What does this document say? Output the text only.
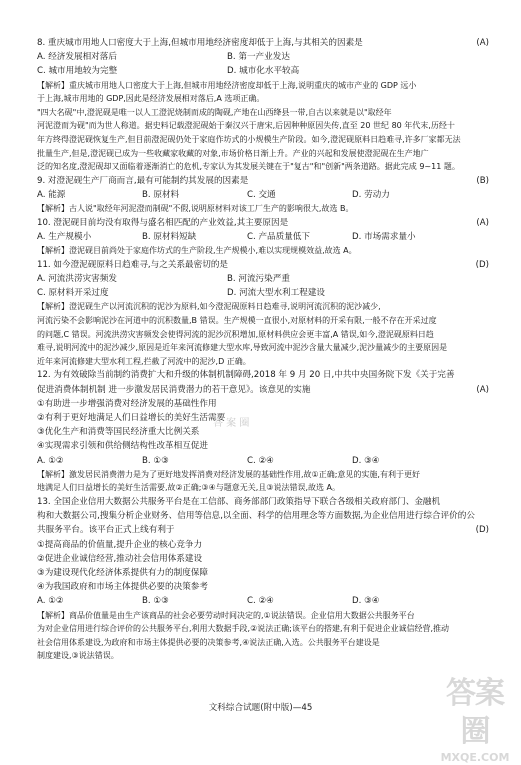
8. 重庆城市用地人口密度大于上海,但城市用地经济密度却低于上海,与其相关的因素是	(A)
A. 经济发展相对落后	B. 第一产业发达
C. 城市用地较为完整	D. 城市化水平较高
【解析】重庆城市用地人口密度大于上海,但城市用地经济密度却低于上海,说明重庆的城市产业的 GDP 远小
于上海,城市用地的 GDP,因此是经济发展相对落后,A 选项正确。
"四大名砚"中,澄泥砚是唯一以人工澄泥烧制而成的陶砚,产地在山西绛县一带,自古以来就是以"取经年
河泥澄而为砚"而为世人称道。据史料记载澄泥砚始于秦汉兴于唐宋,后因种种原因失传,直至 20 世纪 80 年代末,历经十
年方终得澄泥砚恢复生产,但目前澄泥砚仍处于家庭作坊式的小规模生产阶段。如今,澄泥砚原料日趋难寻,许多厂家都无法
批量生产,但是,澄泥砚已成为一些收藏家收藏的对象,市场价格日渐上升。产业的兴起和发展使澄泥砚在生产地广
泛的知名度,澄泥砚却又面临着逐渐消亡的危机,专家认为其发展关键在于"复古"和"创新"两条道路。据此完成 9~11 题。
9. 对澄泥砚生产厂商而言,最有可能制约其发展的因素是	(B)
A. 能源	B. 原材料	C. 交通	D. 劳动力
【解析】古人说"取经年河泥澄而制砚"不假,说明原材料对该工厂生产的影响很大,故选 B。
10. 澄泥砚目前均没有取得与盛名相匹配的产业效益,其主要原因是	(A)
A. 生产规模小	B. 原材料短缺	C. 产品质量低下	D. 市场需求量小
【解析】澄泥砚目前尚处于家庭作坊式的生产阶段,生产规模小,难以实现规模效益,故选 A。
11. 如今澄泥砚原料日趋难寻,与之关系最密切的是	(D)
A. 河流洪涝灾害频发	B. 河流污染严重
C. 原材料开采过度	D. 河流大型水利工程建设
【解析】澄泥砚生产以河流沉积的泥沙为原料,如今澄泥砚原料日趋难寻,说明河流沉积的泥沙减少,
河流污染不会影响泥沙在河道中的沉积数量,B 错误。生产规模一直很小,对原材料的开采有限,一般不存在开采过度
的问题,C 错误。河流洪涝灾害频发会使得河流的泥沙沉积增加,原材料供应会更丰富,A 错误,如今,澄泥砚原料日趋
难寻,说明河流中的泥沙减少,原因是近年来河流修建大型水库,导致河流中泥沙含量大量减少,泥沙量减少的主要原因是
近年来河流修建大型水利工程,拦截了河流中的泥沙,D 正确。
12. 为有效破除当前制约消费扩大和升级的体制机制障碍,2018 年 9 月 20 日,中共中央国务院下发《关于完善
促进消费体制机制 进一步激发居民消费潜力的若干意见》。该意见的实施	(A)
①有助进一步增强消费对经济发展的基础性作用
②有利于更好地满足人们日益增长的美好生活需要
③优化生产和消费等国民经济重大比例关系
④实现需求引领和供给侧结构性改革相互促进
A. ①②	B. ①③	C. ②④	D. ③④
【解析】激发居民消费潜力是为了更好地发挥消费对经济发展的基础性作用,故①正确;意见的实施,有利于更好
地满足人们日益增长的美好生活需要,故②正确;③④与题意无关,且③说法错误,故选 A。
13. 全国企业信用大数据公共服务平台是在工信部、商务部部门政策指导下联合各级相关政府部门、金融机
构和大数据公司,搜集分析企业财务、信用等信息,以全面、科学的信用理念等方面数据,为企业信用进行综合评价的公
共服务平台。该平台正式上线有利于	(D)
①提高商品的价值量,提升企业的核心竞争力
②促进企业诚信经营,推动社会信用体系建设
③为建设现代化经济体系提供有力的制度保障
④为我国政府和市场主体提供必要的决策参考
A. ①②	B. ①③	C. ②④	D. ③④
【解析】商品价值量是由生产该商品的社会必要劳动时间决定的,①说法错误。企业信用大数据公共服务平台
为对企业信用进行综合评价的公共服务平台,利用大数据手段,②说法正确;该平台的搭建,有利于促进企业诚信经营,推动
社会信用体系建设,为政府和市场主体提供必要的决策参考,④说法正确,入选。公共服务平台建设是
制度建设,③说法错误。
答 案 圈
文科综合试题(附中版)—45	答案圈
MXQE.COM
